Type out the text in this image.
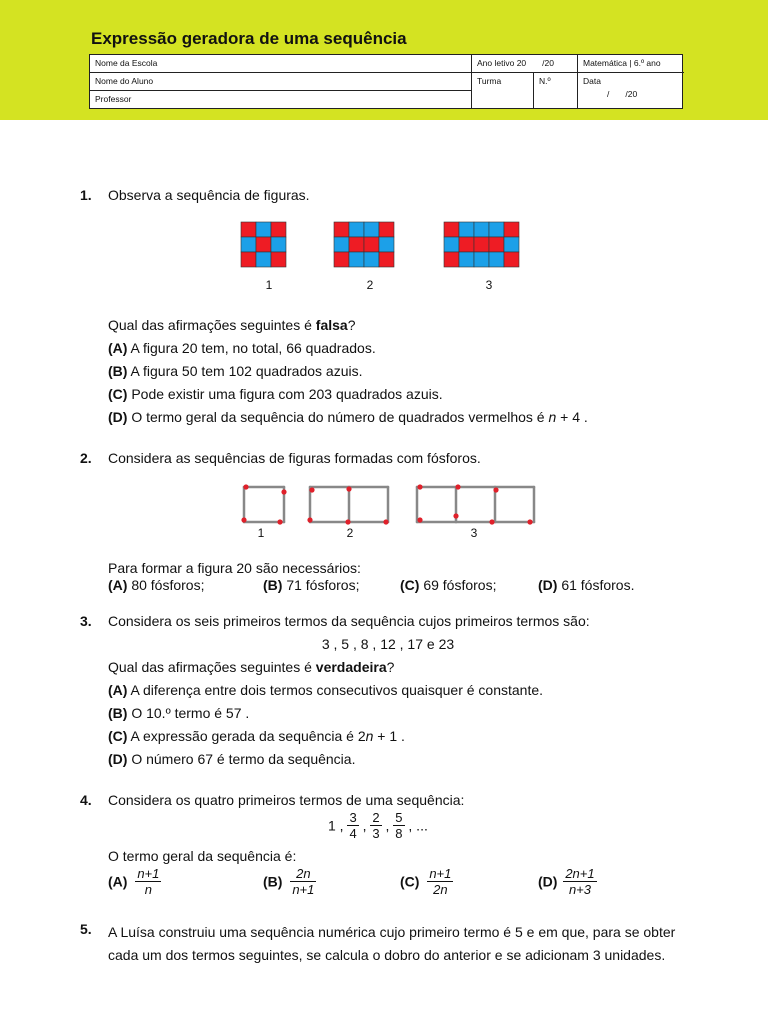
Expressão geradora de uma sequência
Nome da Escola	Ano letivo 20 /20	Matemática | 6.º ano
Nome do Aluno	Turma	N.º	Data
/ /20
Professor
1. Observa a sequência de figuras.
1	2	3
Qual das afirmações seguintes é falsa?
(A) A figura 20 tem, no total, 66 quadrados.
(B) A figura 50 tem 102 quadrados azuis.
(C) Pode existir uma figura com 203 quadrados azuis.
(D) O termo geral da sequência do número de quadrados vermelhos é n + 4 .
2. Considera as sequências de figuras formadas com fósforos.
1	2	3
Para formar a figura 20 são necessários:
(A) 80 fósforos;	(B) 71 fósforos;	(C) 69 fósforos;	(D) 61 fósforos.
3. Considera os seis primeiros termos da sequência cujos primeiros termos são:
3 , 5 , 8 , 12 , 17 e 23
Qual das afirmações seguintes é verdadeira?
(A) A diferença entre dois termos consecutivos quaisquer é constante.
(B) O 10.º termo é 57 .
(C) A expressão gerada da sequência é 2n + 1 .
(D) O número 67 é termo da sequência.
4. Considera os quatro primeiros termos de uma sequência:
1 , $\frac{3}{4}$ , $\frac{2}{3}$ , $\frac{5}{8}$ , ...
O termo geral da sequência é:
$(A) \frac{n+1}{n}$	$(B) \frac{2n}{n+1}$	$(C) \frac{n+1}{2n}$	$(D) \frac{2n+1}{n+3}$
5. A Luísa construiu uma sequência numérica cujo primeiro termo é 5 e em que, para se obter
cada um dos termos seguintes, se calcula o dobro do anterior e se adicionam 3 unidades.
